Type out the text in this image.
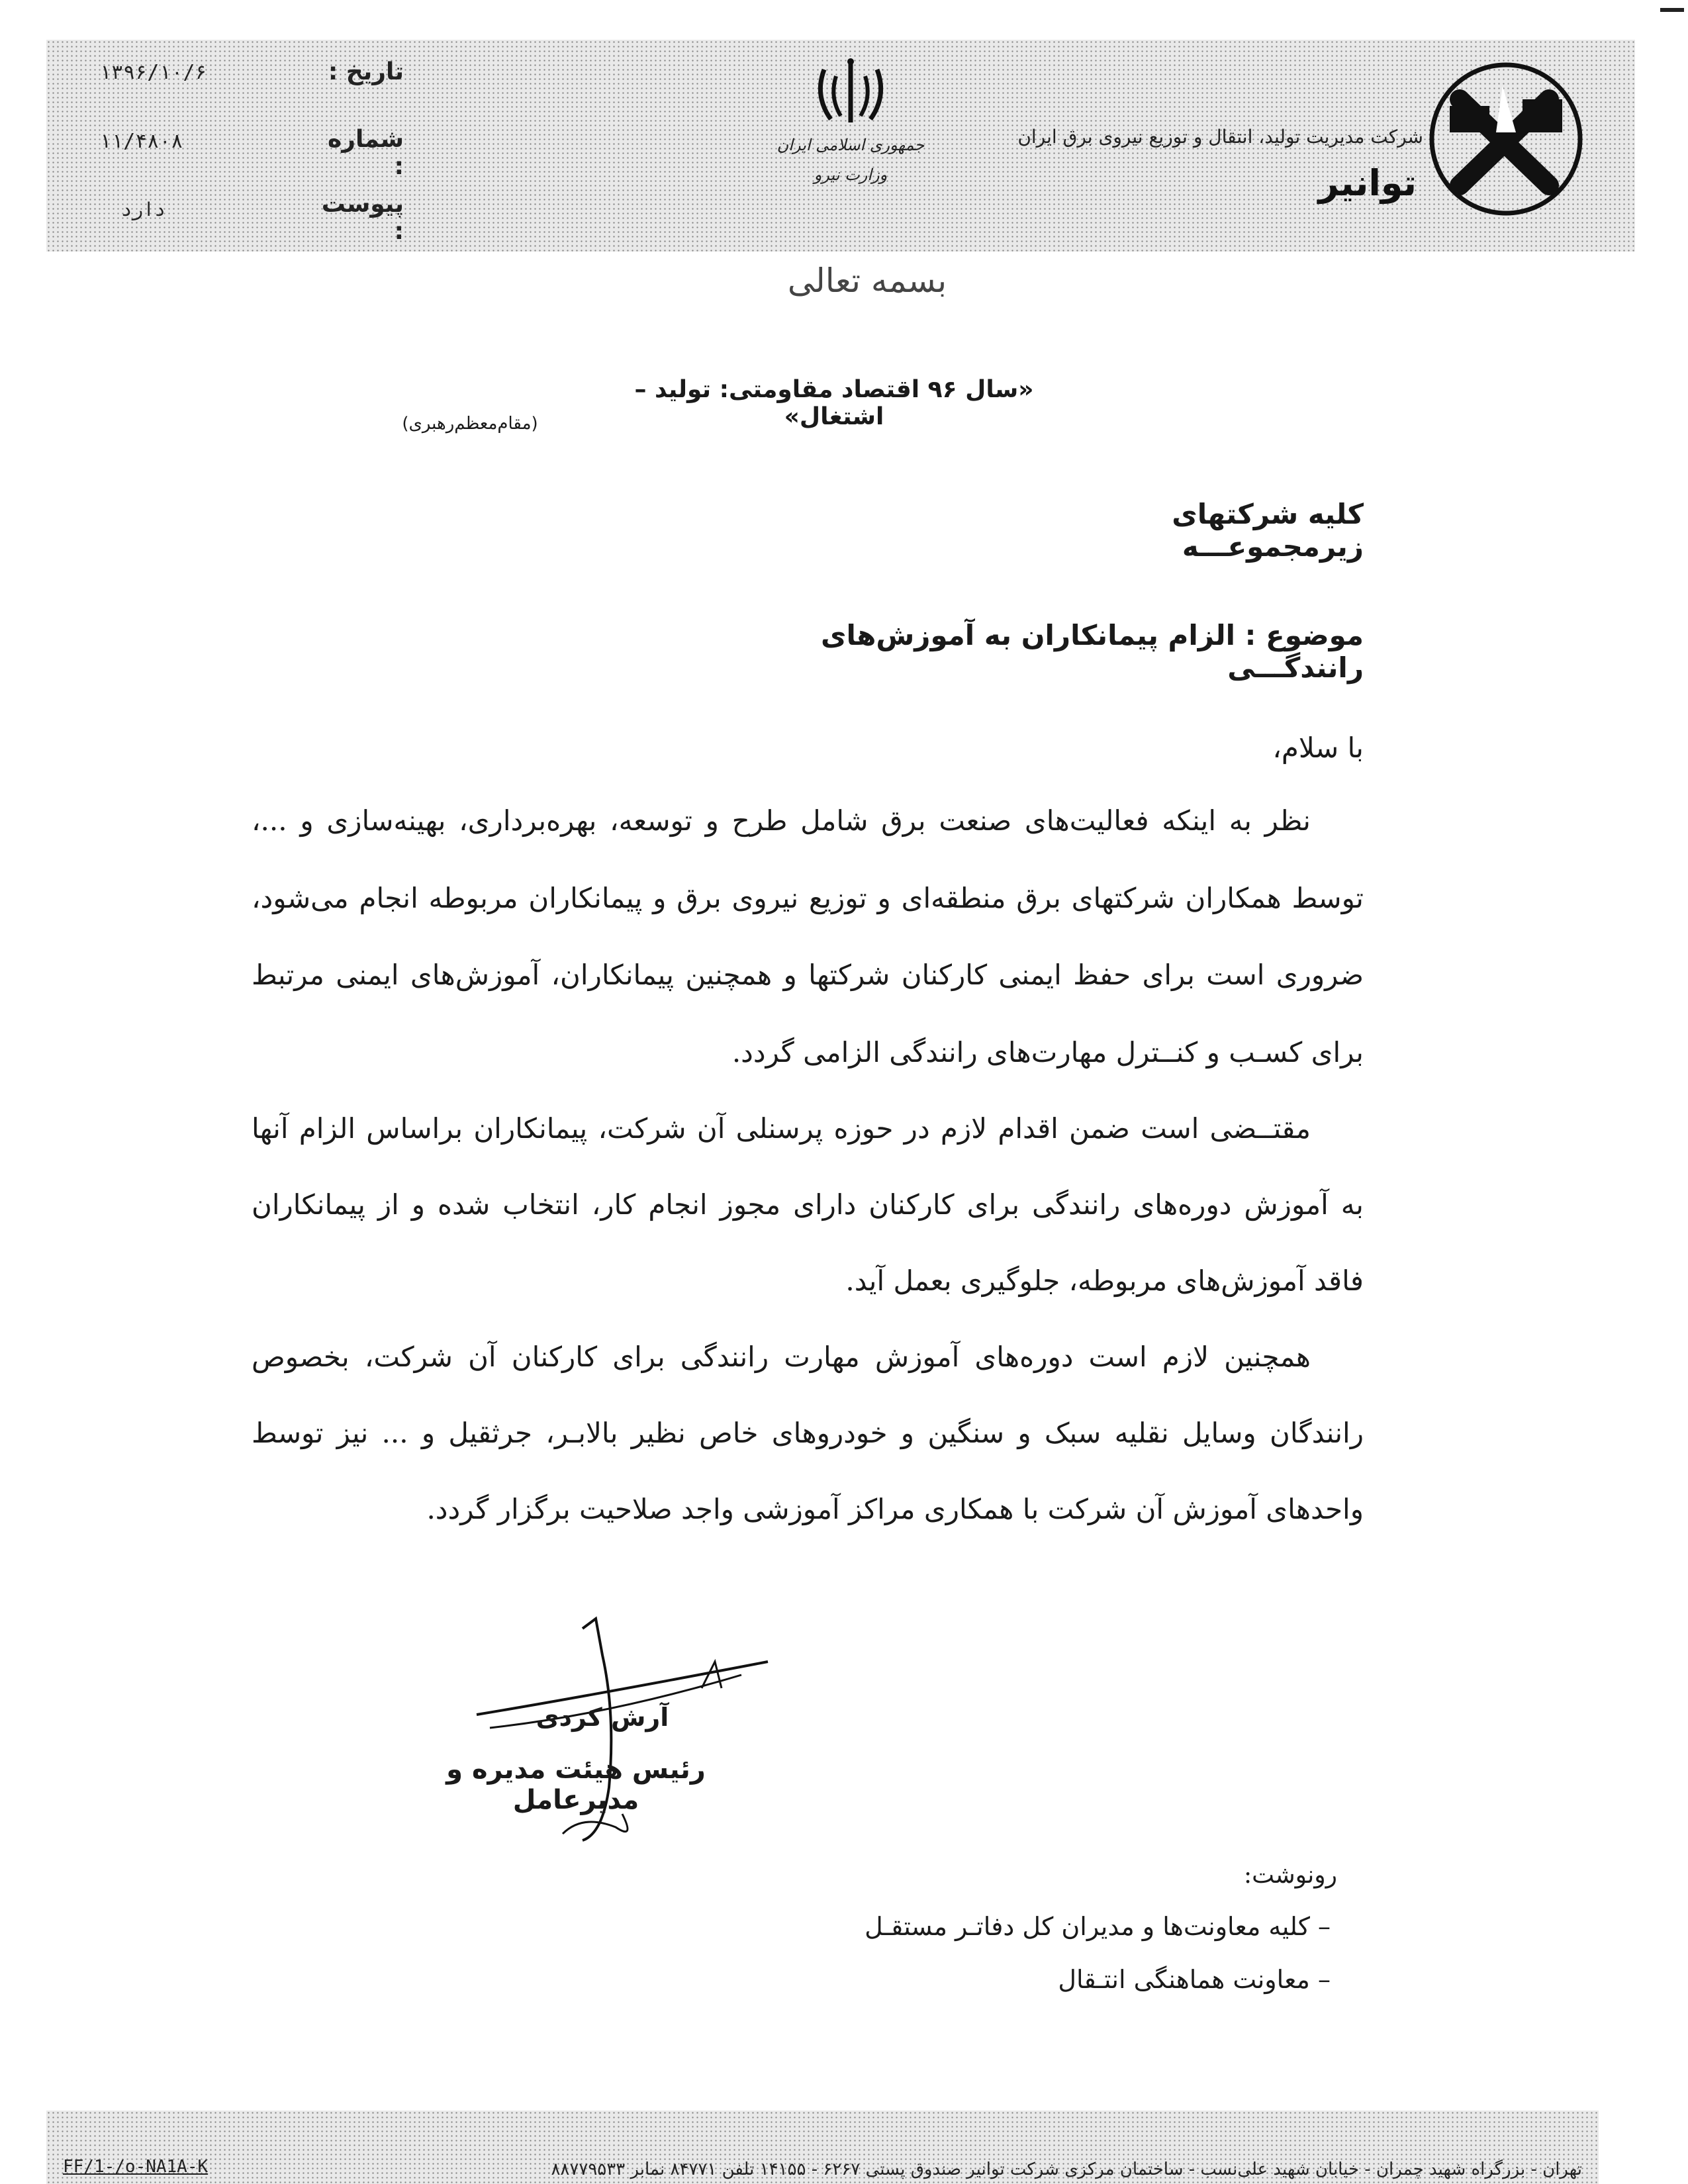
شرکت مدیریت تولید، انتقال و توزیع نیروی برق ایران
توانیر
جمهوری اسلامی ایران
وزارت نیرو
تاریخ :
۱۳۹۶/۱۰/۶
شماره :
۱۱/۴۸۰۸
پیوست :
دارد
بسمه تعالی
«سال ۹۶ اقتصاد مقاومتی: تولید – اشتغال»
(مقام‌معظم‌رهبری)
کلیه شرکتهای زیرمجموعـــه
موضوع : الزام پیمانکاران به آموزش‌های رانندگـــی
با سلام،
نظر به اینکه فعالیت‌های صنعت برق شامل طرح و توسعه، بهره‌برداری، بهینه‌سازی و ...،
توسط همکاران شرکتهای برق منطقه‌ای و توزیع نیروی برق و پیمانکاران مربوطه انجام می‌شود،
ضروری است برای حفظ ایمنی کارکنان شرکتها و همچنین پیمانکاران، آموزش‌های ایمنی مرتبط
برای کسـب و کنــترل مهارت‌های رانندگی الزامی گردد.
مقتــضی است ضمن اقدام لازم در حوزه پرسنلی آن شرکت، پیمانکاران براساس الزام آنها
به آموزش دوره‌های رانندگی برای کارکنان دارای مجوز انجام کار، انتخاب شده و از پیمانکاران
فاقد آموزش‌های مربوطه، جلوگیری بعمل آید.
همچنین لازم است دوره‌های آموزش مهارت رانندگی برای کارکنان آن شرکت، بخصوص
رانندگان وسایل نقلیه سبک و سنگین و خودروهای خاص نظیر بالابـر، جرثقیل و ... نیز توسط
واحدهای آموزش آن شرکت با همکاری مراکز آموزشی واجد صلاحیت برگزار گردد.
آرش کردی
رئیس هیئت مدیره و مدیرعامل
رونوشت:
– کلیه معاونت‌ها و مدیران کل دفاتـر مستقـل
– معاونت هماهنگی انتـقال
تهران - بزرگراه شهید چمران - خیابان شهید علی‌نسب - ساختمان مرکزی شرکت توانیر صندوق پستی ۶۲۶۷ - ۱۴۱۵۵ تلفن ۸۴۷۷۱ نمابر ۸۸۷۷۹۵۳۳
FF/1-/o-NA1A-K
